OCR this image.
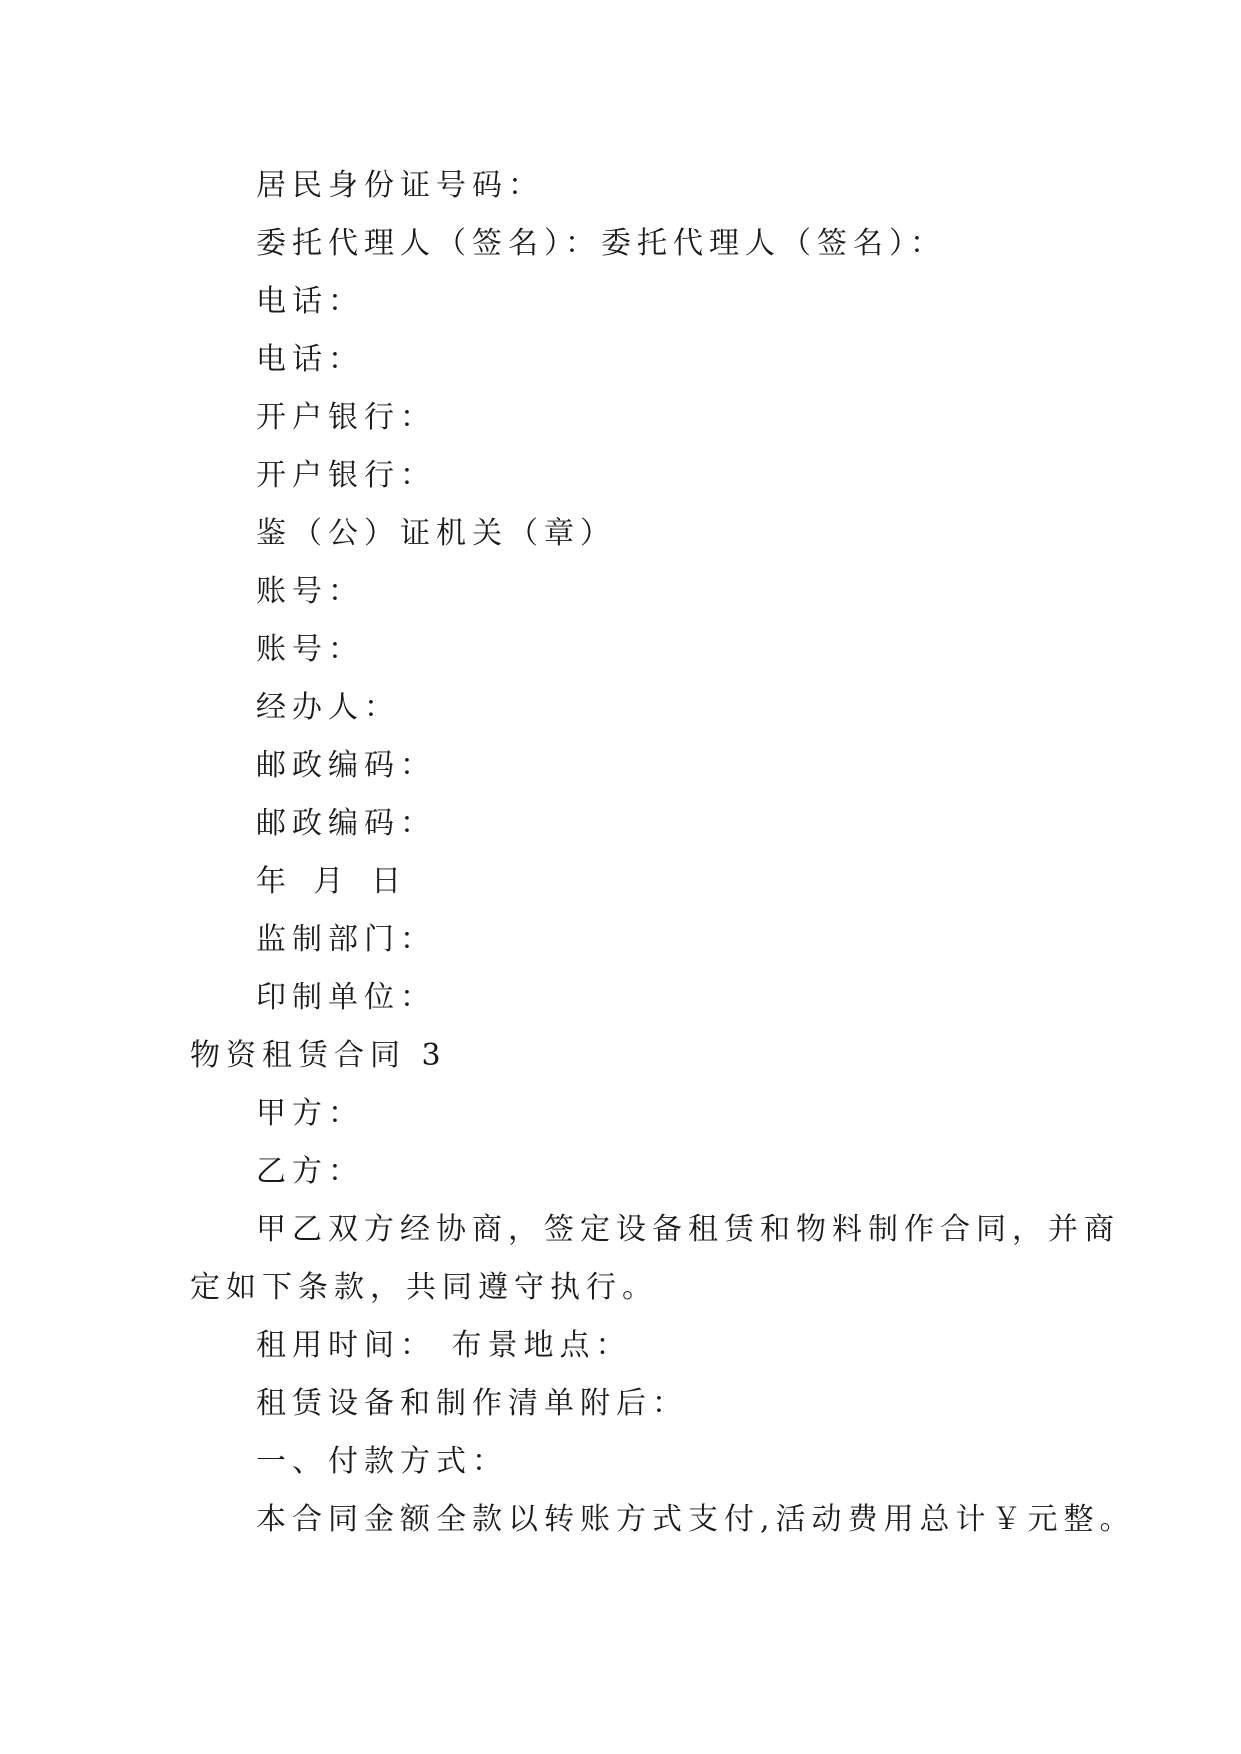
居民身份证号码：
委托代理人（签名）：委托代理人（签名）：
电话：
电话：
开户银行：
开户银行：
鉴（公）证机关（章）
账号：
账号：
经办人：
邮政编码：
邮政编码：
年 月 日
监制部门：
印制单位：
物资租赁合同 3
甲方：
乙方：
甲乙双方经协商，签定设备租赁和物料制作合同，并商
定如下条款，共同遵守执行。
租用时间： 布景地点：
租赁设备和制作清单附后：
一、付款方式：
本合同金额全款以转账方式支付,活动费用总计￥元整。
